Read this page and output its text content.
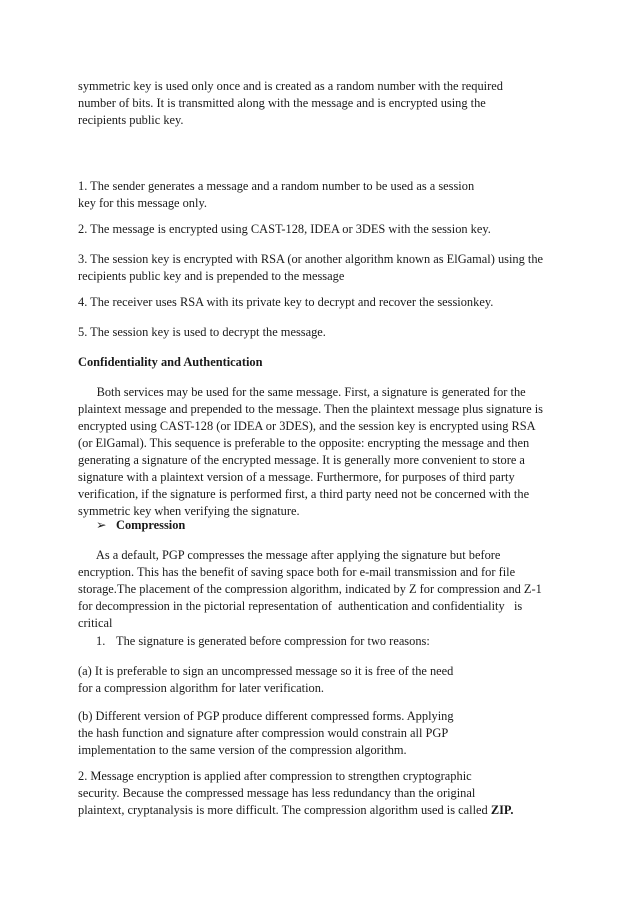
symmetric key is used only once and is created as a random number with the required
number of bits. It is transmitted along with the message and is encrypted using the
recipients public key.

1. The sender generates a message and a random number to be used as a session
key for this message only.

2. The message is encrypted using CAST-128, IDEA or 3DES with the session key.

3. The session key is encrypted with RSA (or another algorithm known as ElGamal) using the
recipients public key and is prepended to the message

4. The receiver uses RSA with its private key to decrypt and recover the sessionkey.

5. The session key is used to decrypt the message.

Confidentiality and Authentication

Both services may be used for the same message. First, a signature is generated for the
plaintext message and prepended to the message. Then the plaintext message plus signature is
encrypted using CAST-128 (or IDEA or 3DES), and the session key is encrypted using RSA
(or ElGamal). This sequence is preferable to the opposite: encrypting the message and then
generating a signature of the encrypted message. It is generally more convenient to store a
signature with a plaintext version of a message. Furthermore, for purposes of third party
verification, if the signature is performed first, a third party need not be concerned with the
symmetric key when verifying the signature.

➢ Compression

As a default, PGP compresses the message after applying the signature but before
encryption. This has the benefit of saving space both for e-mail transmission and for file
storage.The placement of the compression algorithm, indicated by Z for compression and Z-1
for decompression in the pictorial representation of  authentication and confidentiality   is
critical

1. The signature is generated before compression for two reasons:

(a) It is preferable to sign an uncompressed message so it is free of the need
for a compression algorithm for later verification.

(b) Different version of PGP produce different compressed forms. Applying
the hash function and signature after compression would constrain all PGP
implementation to the same version of the compression algorithm.

2. Message encryption is applied after compression to strengthen cryptographic
security. Because the compressed message has less redundancy than the original
plaintext, cryptanalysis is more difficult. The compression algorithm used is called ZIP.
